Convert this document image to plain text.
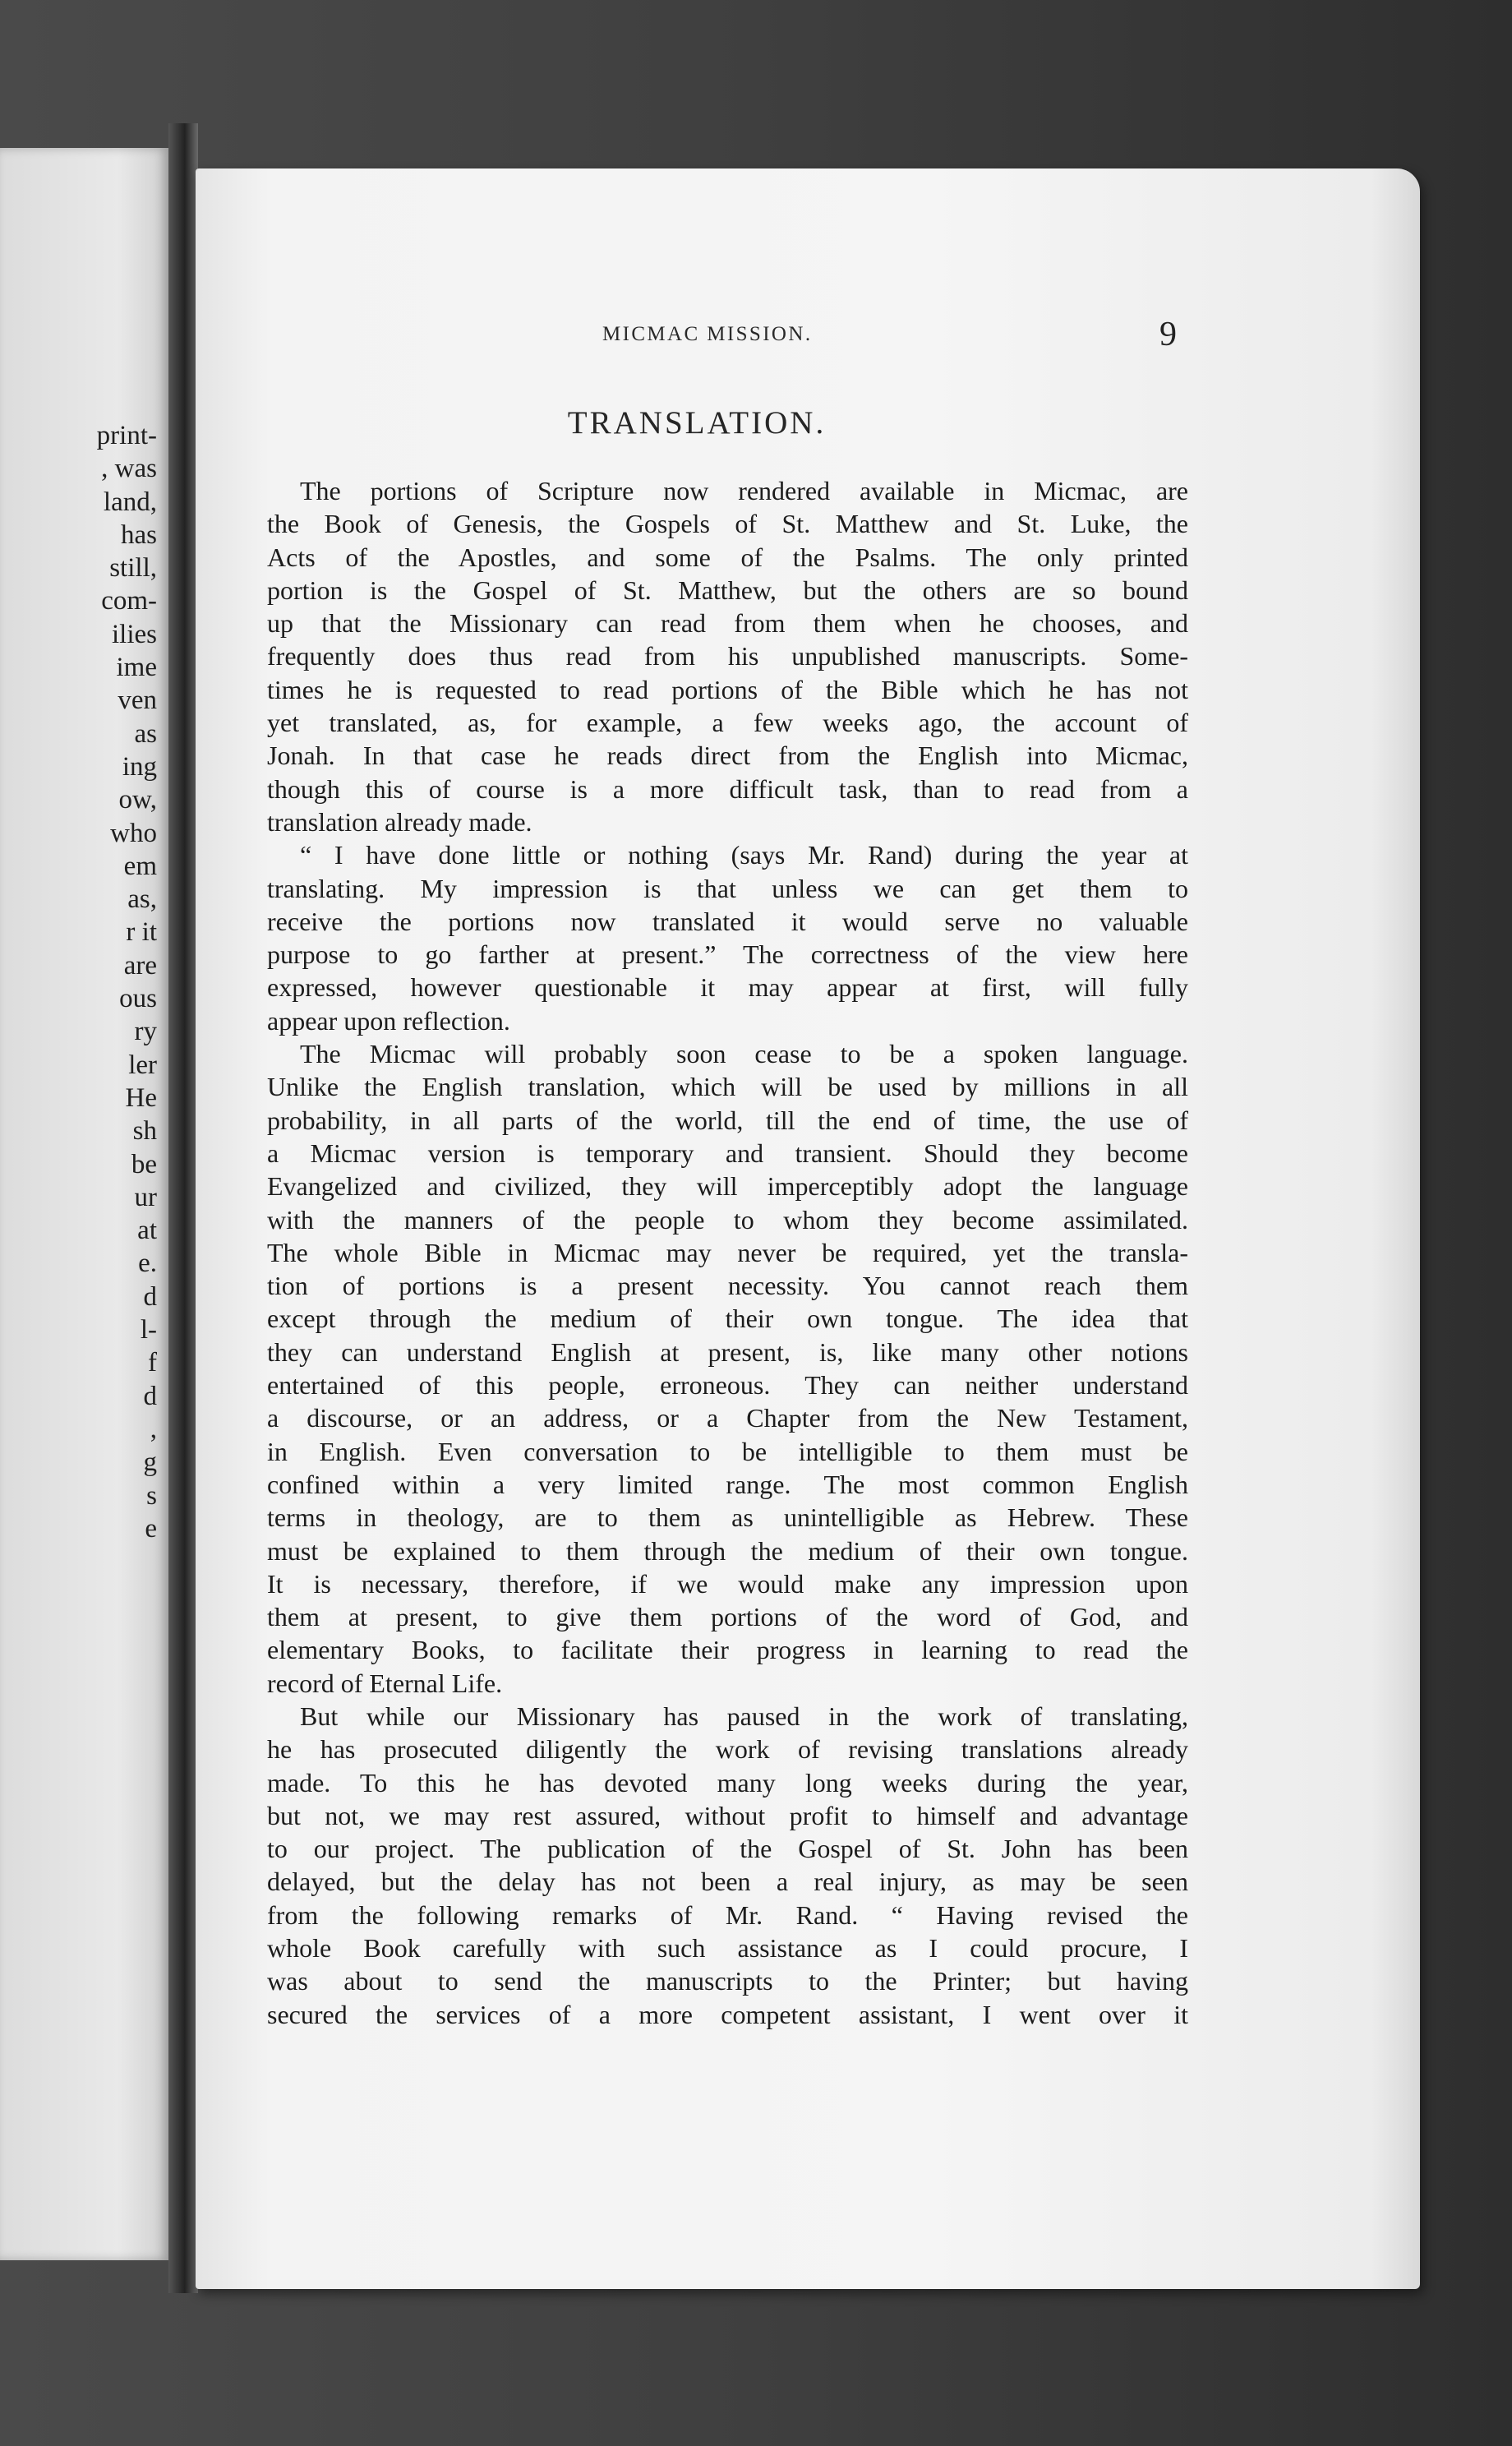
print-
, was
land,
has
still,
com-
ilies
ime
ven
as
ing
ow,
who
em
as,
r it
are
ous
ry
ler
He
sh
be
ur
at
e.
d
l-
f
d
,
g
s
e
MICMAC MISSION.	9
TRANSLATION.
The portions of Scripture now rendered available in Micmac, are
the Book of Genesis, the Gospels of St. Matthew and St. Luke, the
Acts of the Apostles, and some of the Psalms. The only printed
portion is the Gospel of St. Matthew, but the others are so bound
up that the Missionary can read from them when he chooses, and
frequently does thus read from his unpublished manuscripts. Some-
times he is requested to read portions of the Bible which he has not
yet translated, as, for example, a few weeks ago, the account of
Jonah. In that case he reads direct from the English into Micmac,
though this of course is a more difficult task, than to read from a
translation already made.
“ I have done little or nothing (says Mr. Rand) during the year at
translating. My impression is that unless we can get them to
receive the portions now translated it would serve no valuable
purpose to go farther at present.” The correctness of the view here
expressed, however questionable it may appear at first, will fully
appear upon reflection.
The Micmac will probably soon cease to be a spoken language.
Unlike the English translation, which will be used by millions in all
probability, in all parts of the world, till the end of time, the use of
a Micmac version is temporary and transient. Should they become
Evangelized and civilized, they will imperceptibly adopt the language
with the manners of the people to whom they become assimilated.
The whole Bible in Micmac may never be required, yet the transla-
tion of portions is a present necessity. You cannot reach them
except through the medium of their own tongue. The idea that
they can understand English at present, is, like many other notions
entertained of this people, erroneous. They can neither understand
a discourse, or an address, or a Chapter from the New Testament,
in English. Even conversation to be intelligible to them must be
confined within a very limited range. The most common English
terms in theology, are to them as unintelligible as Hebrew. These
must be explained to them through the medium of their own tongue.
It is necessary, therefore, if we would make any impression upon
them at present, to give them portions of the word of God, and
elementary Books, to facilitate their progress in learning to read the
record of Eternal Life.
But while our Missionary has paused in the work of translating,
he has prosecuted diligently the work of revising translations already
made. To this he has devoted many long weeks during the year,
but not, we may rest assured, without profit to himself and advantage
to our project. The publication of the Gospel of St. John has been
delayed, but the delay has not been a real injury, as may be seen
from the following remarks of Mr. Rand. “ Having revised the
whole Book carefully with such assistance as I could procure, I
was about to send the manuscripts to the Printer; but having
secured the services of a more competent assistant, I went over it
